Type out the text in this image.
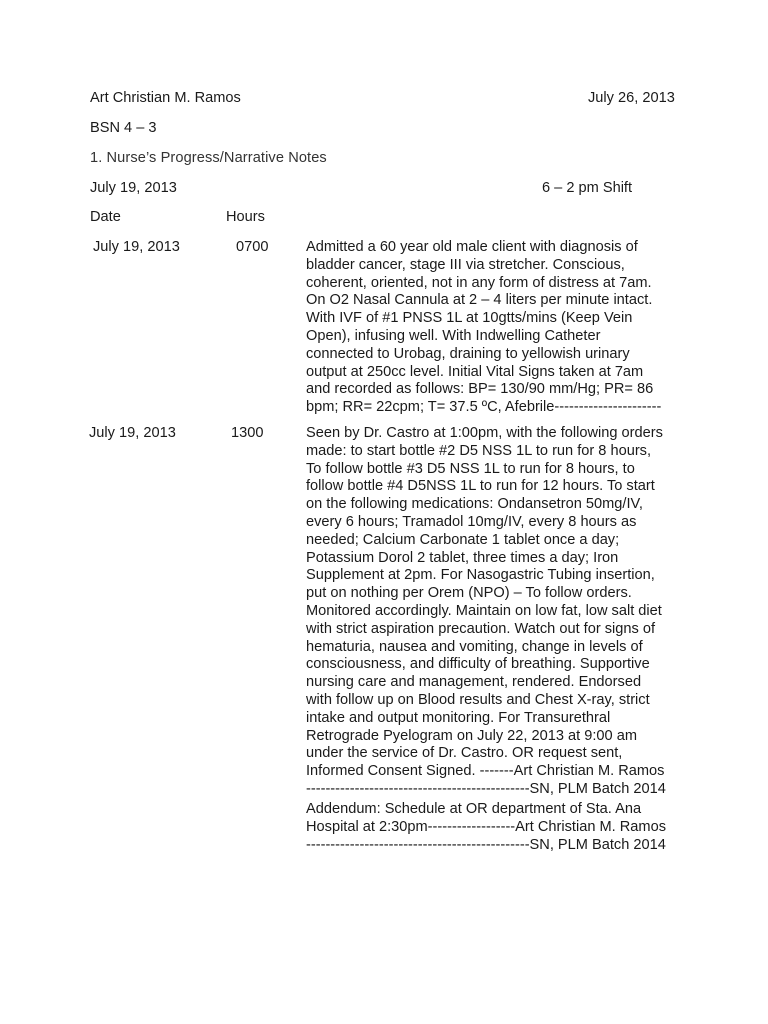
Art Christian M. Ramos	July 26, 2013
BSN 4 – 3
1. Nurse’s Progress/Narrative Notes
July 19, 2013	6 – 2 pm Shift
Date	Hours
July 19, 2013	0700	Admitted a 60 year old male client with diagnosis of
bladder cancer, stage III via stretcher. Conscious,
coherent, oriented, not in any form of distress at 7am.
On O2 Nasal Cannula at 2 – 4 liters per minute intact.
With IVF of #1 PNSS 1L at 10gtts/mins (Keep Vein
Open), infusing well. With Indwelling Catheter
connected to Urobag, draining to yellowish urinary
output at 250cc level. Initial Vital Signs taken at 7am
and recorded as follows: BP= 130/90 mm/Hg; PR= 86
bpm; RR= 22cpm; T= 37.5 ºC, Afebrile----------------------
July 19, 2013	1300	Seen by Dr. Castro at 1:00pm, with the following orders
made: to start bottle #2 D5 NSS 1L to run for 8 hours,
To follow bottle #3 D5 NSS 1L to run for 8 hours, to
follow bottle #4 D5NSS 1L to run for 12 hours. To start
on the following medications: Ondansetron 50mg/IV,
every 6 hours; Tramadol 10mg/IV, every 8 hours as
needed; Calcium Carbonate 1 tablet once a day;
Potassium Dorol 2 tablet, three times a day; Iron
Supplement at 2pm. For Nasogastric Tubing insertion,
put on nothing per Orem (NPO) – To follow orders.
Monitored accordingly. Maintain on low fat, low salt diet
with strict aspiration precaution. Watch out for signs of
hematuria, nausea and vomiting, change in levels of
consciousness, and difficulty of breathing. Supportive
nursing care and management, rendered. Endorsed
with follow up on Blood results and Chest X-ray, strict
intake and output monitoring. For Transurethral
Retrograde Pyelogram on July 22, 2013 at 9:00 am
under the service of Dr. Castro. OR request sent,
Informed Consent Signed. -------Art Christian M. Ramos
----------------------------------------------SN, PLM Batch 2014
Addendum: Schedule at OR department of Sta. Ana
Hospital at 2:30pm------------------Art Christian M. Ramos
----------------------------------------------SN, PLM Batch 2014
